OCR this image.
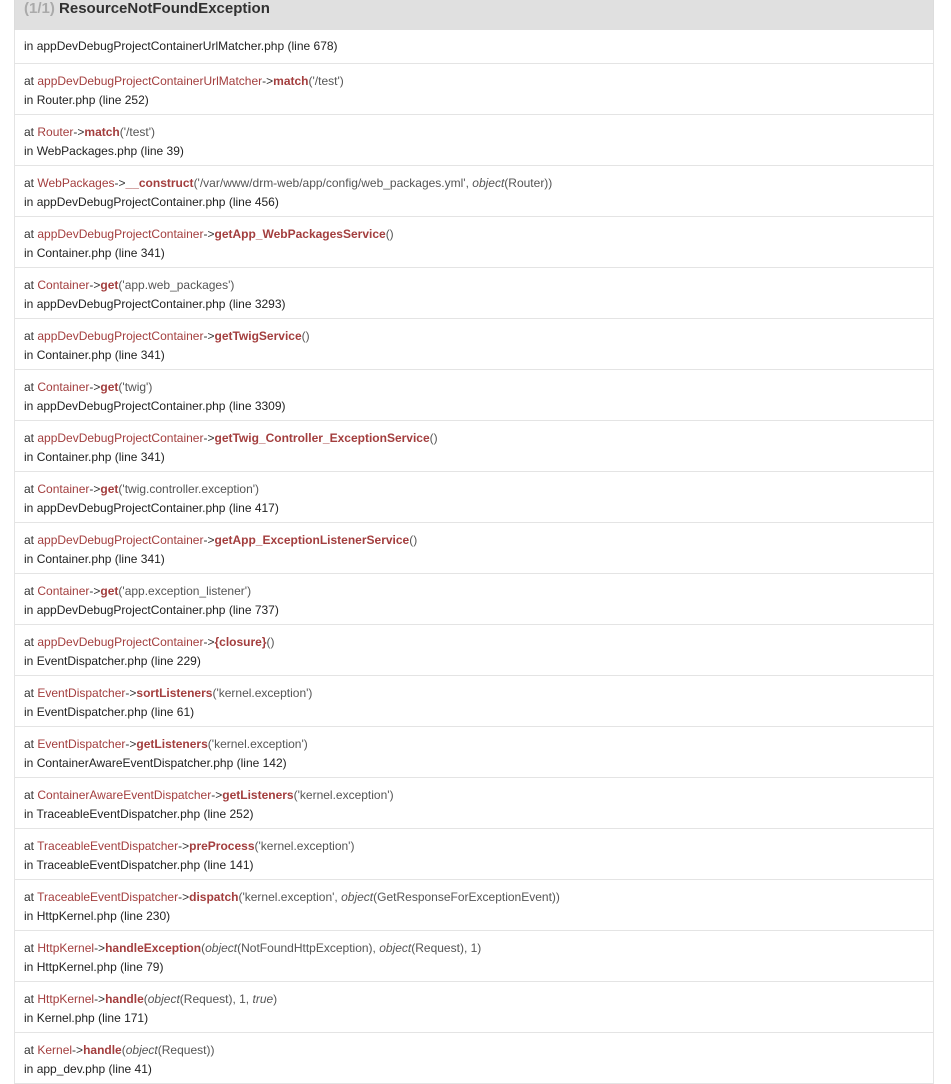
(1/1) ResourceNotFoundException
in appDevDebugProjectContainerUrlMatcher.php (line 678)
at appDevDebugProjectContainerUrlMatcher->match('/test')
in Router.php (line 252)
at Router->match('/test')
in WebPackages.php (line 39)
at WebPackages->__construct('/var/www/drm-web/app/config/web_packages.yml', object(Router))
in appDevDebugProjectContainer.php (line 456)
at appDevDebugProjectContainer->getApp_WebPackagesService()
in Container.php (line 341)
at Container->get('app.web_packages')
in appDevDebugProjectContainer.php (line 3293)
at appDevDebugProjectContainer->getTwigService()
in Container.php (line 341)
at Container->get('twig')
in appDevDebugProjectContainer.php (line 3309)
at appDevDebugProjectContainer->getTwig_Controller_ExceptionService()
in Container.php (line 341)
at Container->get('twig.controller.exception')
in appDevDebugProjectContainer.php (line 417)
at appDevDebugProjectContainer->getApp_ExceptionListenerService()
in Container.php (line 341)
at Container->get('app.exception_listener')
in appDevDebugProjectContainer.php (line 737)
at appDevDebugProjectContainer->{closure}()
in EventDispatcher.php (line 229)
at EventDispatcher->sortListeners('kernel.exception')
in EventDispatcher.php (line 61)
at EventDispatcher->getListeners('kernel.exception')
in ContainerAwareEventDispatcher.php (line 142)
at ContainerAwareEventDispatcher->getListeners('kernel.exception')
in TraceableEventDispatcher.php (line 252)
at TraceableEventDispatcher->preProcess('kernel.exception')
in TraceableEventDispatcher.php (line 141)
at TraceableEventDispatcher->dispatch('kernel.exception', object(GetResponseForExceptionEvent))
in HttpKernel.php (line 230)
at HttpKernel->handleException(object(NotFoundHttpException), object(Request), 1)
in HttpKernel.php (line 79)
at HttpKernel->handle(object(Request), 1, true)
in Kernel.php (line 171)
at Kernel->handle(object(Request))
in app_dev.php (line 41)
